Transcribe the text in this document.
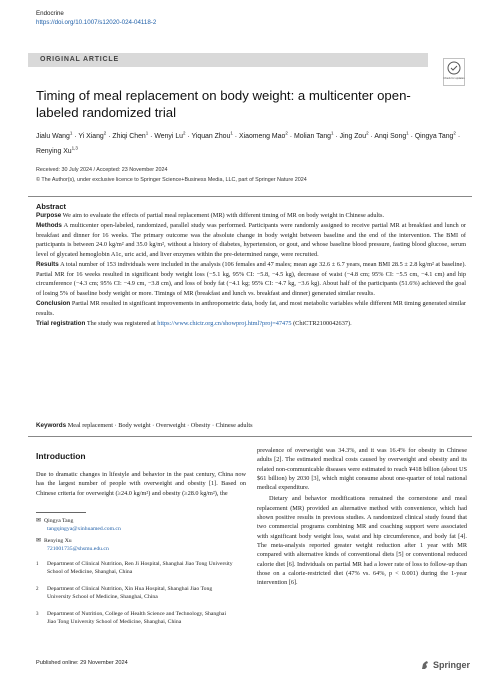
Endocrine
https://doi.org/10.1007/s12020-024-04118-2
ORIGINAL ARTICLE
Check for updates
Timing of meal replacement on body weight: a multicenter open-labeled randomized trial
Jialu Wang$^1$ · Yi Xiang$^2$ · Zhiqi Chen$^1$ · Wenyi $Lu^2$ · Yiquan Zhou$^1$ · Xiaomeng Mao$^2$ · Molian Tang$^1$ · Jing Zou$^2$ · Anqi Song$^1$ · Qingya Tang$^2$ · Renying Xu$^{1,3}$
Received: 30 July 2024 / Accepted: 23 November 2024
© The Author(s), under exclusive licence to Springer Science+Business Media, LLC, part of Springer Nature 2024
Abstract

Purpose We aim to evaluate the effects of partial meal replacement (MR) with different timing of MR on body weight in Chinese adults.

Methods A multicenter open-labeled, randomized, parallel study was performed. Participants were randomly assigned to receive partial MR at breakfast and lunch or breakfast and dinner for 16 weeks. The primary outcome was the absolute change in body weight between baseline and the end of the intervention. The BMI of participants is between 24.0 kg/m² and 35.0 kg/m², without a history of diabetes, hypertension, or gout, and whose baseline blood pressure, fasting blood glucose, serum level of glycated hemoglobin A1c, uric acid, and liver enzymes within the pre-determined range, were recruited.

Results A total number of 153 individuals were included in the analysis (106 females and 47 males; mean age 32.6 ± 6.7 years, mean BMI 28.5 ± 2.8 kg/m² at baseline). Partial MR for 16 weeks resulted in significant body weight loss (−5.1 kg, 95% CI: −5.8, −4.5 kg), decrease of waist (−4.8 cm; 95% CI: −5.5 cm, −4.1 cm) and hip circumference (−4.3 cm; 95% CI: −4.9 cm, −3.8 cm), and loss of body fat (−4.1 kg; 95% CI: −4.7 kg, −3.6 kg). About half of the participants (51.6%) achieved the goal of losing 5% of baseline body weight or more. Timings of MR (breakfast and lunch vs. breakfast and dinner) generated similar results.

Conclusion Partial MR resulted in significant improvements in anthropometric data, body fat, and most metabolic variables while different MR timing generated similar results.

Trial registration The study was registered at https://www.chictr.org.cn/showproj.html?proj=47475 (ChiCTR2100042637).

Keywords Meal replacement · Body weight · Overweight · Obesity · Chinese adults
Introduction
Due to dramatic changes in lifestyle and behavior in the past century, China now has the largest number of people with overweight and obesity [1]. Based on Chinese criteria for overweight (≥24.0 kg/m²) and obesity (≥28.0 kg/m²), the

prevalence of overweight was 34.3%, and it was 16.4% for obesity in Chinese adults [2]. The estimated medical costs caused by overweight and obesity and its related non-communicable diseases were estimated to reach ¥418 billion (about US $61 billion) by 2030 [3], which might consume about one-quarter of total national medical expenditure.

Dietary and behavior modifications remained the cornerstone and meal replacement (MR) provided an alternative method with convenience, which had shown positive results in previous studies. A randomized clinical study found that two commercial programs combining MR and coaching support were associated with significant body weight loss, waist and hip circumference, and body fat [4]. The meta-analysis reported greater weight reduction after 1 year with MR compared with alternative kinds of conventional diets [5] or conventional reduced calorie diet [6]. Individuals on partial MR had a lower rate of loss to follow-up than those on a calorie-restricted diet (47% vs. 64%, p < 0.001) during the 1-year intervention [6].

✉ Qingya Tang
tangqingya@xinhuamed.com.cn
✉ Renying Xu
721001735@shsmu.edu.cn
1 Department of Clinical Nutrition, Ren Ji Hospital, Shanghai Jiao Tong University School of Medicine, Shanghai, China
2 Department of Clinical Nutrition, Xin Hua Hospital, Shanghai Jiao Tong University School of Medicine, Shanghai, China
3 Department of Nutrition, College of Health Science and Technology, Shanghai Jiao Tong University School of Medicine, Shanghai, China
Published online: 29 November 2024	Springer
